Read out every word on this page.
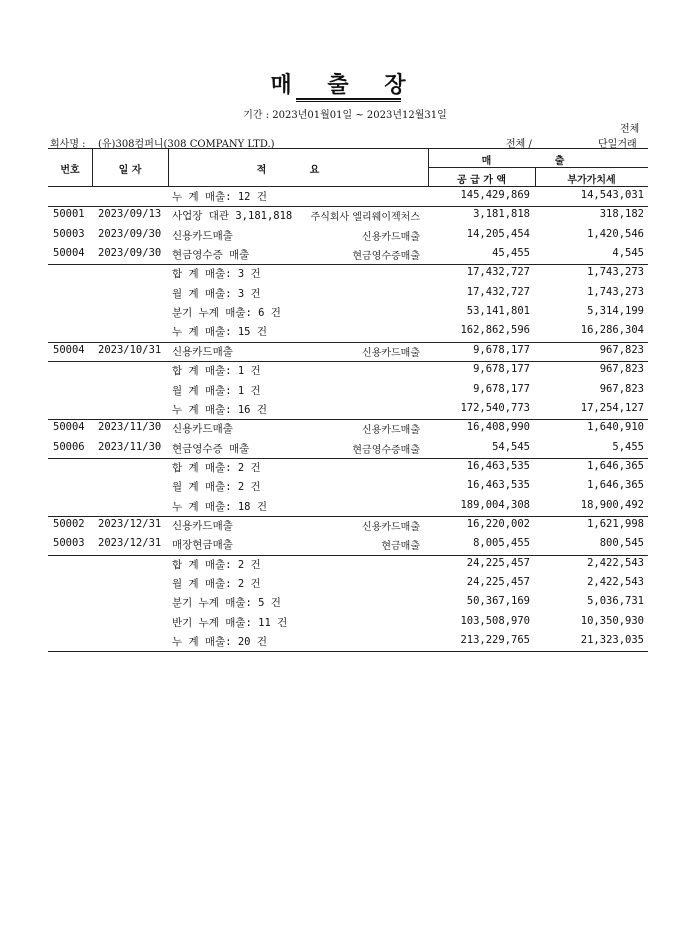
매 출 장
기간 : 2023년01월01일 ~ 2023년12월31일
전체
회사명 : (유)308컴퍼니(308 COMPANY LTD.)	전체 /	단일거래
번호	일 자	적 요
매 출
공 급 가 액	부가가치세
누 계 매출: 12 건	145,429,869	14,543,031
50001 2023/09/13 사업장 대관 3,181,818 주식회사 엘리웨이젝처스	3,181,818	318,182
50003 2023/09/30 신용카드매출	신용카드매출	14,205,454	1,420,546
50004 2023/09/30 현금영수증 매출	현금영수증매출	45,455	4,545
합 계 매출: 3 건	17,432,727	1,743,273
월 계 매출: 3 건	17,432,727	1,743,273
분기 누계 매출: 6 건	53,141,801	5,314,199
누 계 매출: 15 건	162,862,596	16,286,304
50004 2023/10/31 신용카드매출	신용카드매출	9,678,177	967,823
합 계 매출: 1 건	9,678,177	967,823
월 계 매출: 1 건	9,678,177	967,823
누 계 매출: 16 건	172,540,773	17,254,127
50004 2023/11/30 신용카드매출	신용카드매출	16,408,990	1,640,910
50006 2023/11/30 현금영수증 매출	현금영수증매출	54,545	5,455
합 계 매출: 2 건	16,463,535	1,646,365
월 계 매출: 2 건	16,463,535	1,646,365
누 계 매출: 18 건	189,004,308	18,900,492
50002 2023/12/31 신용카드매출	신용카드매출	16,220,002	1,621,998
50003 2023/12/31 매장현금매출	현금매출	8,005,455	800,545
합 계 매출: 2 건	24,225,457	2,422,543
월 계 매출: 2 건	24,225,457	2,422,543
분기 누계 매출: 5 건	50,367,169	5,036,731
반기 누계 매출: 11 건	103,508,970	10,350,930
누 계 매출: 20 건	213,229,765	21,323,035
